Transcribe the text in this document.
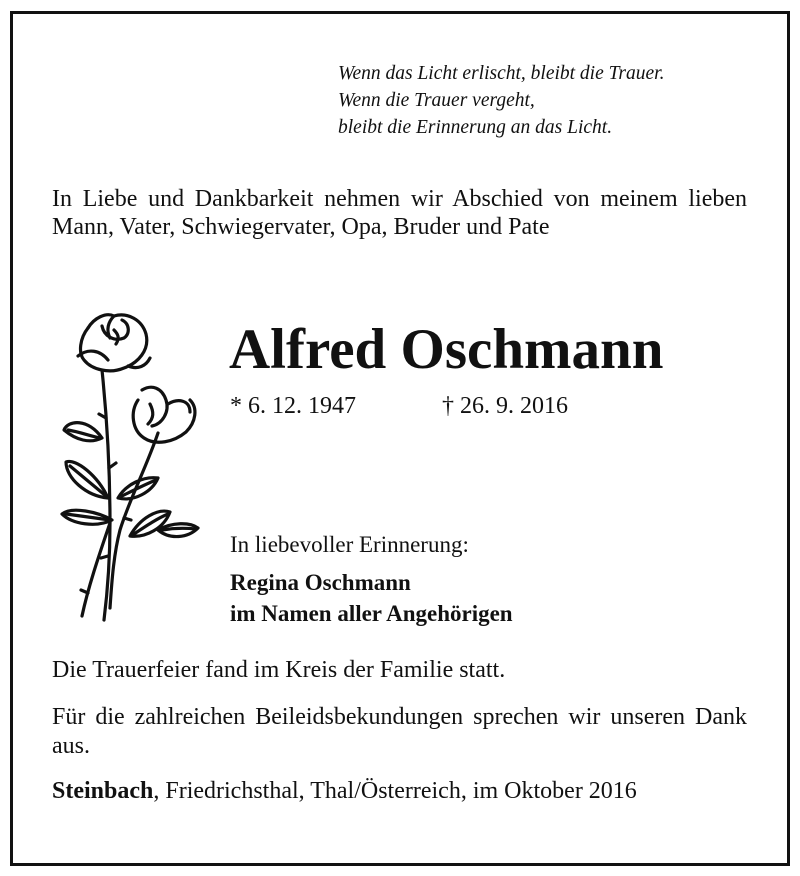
Wenn das Licht erlischt, bleibt die Trauer.
Wenn die Trauer vergeht,
bleibt die Erinnerung an das Licht.
In Liebe und Dankbarkeit nehmen wir Abschied von meinem lieben Mann, Vater, Schwiegervater, Opa, Bruder und Pate
Alfred Oschmann
* 6. 12. 1947	† 26. 9. 2016
In liebevoller Erinnerung:
Regina Oschmann
im Namen aller Angehörigen
Die Trauerfeier fand im Kreis der Familie statt.
Für die zahlreichen Beileidsbekundungen sprechen wir unseren Dank aus.
Steinbach, Friedrichsthal, Thal/Österreich, im Oktober 2016
